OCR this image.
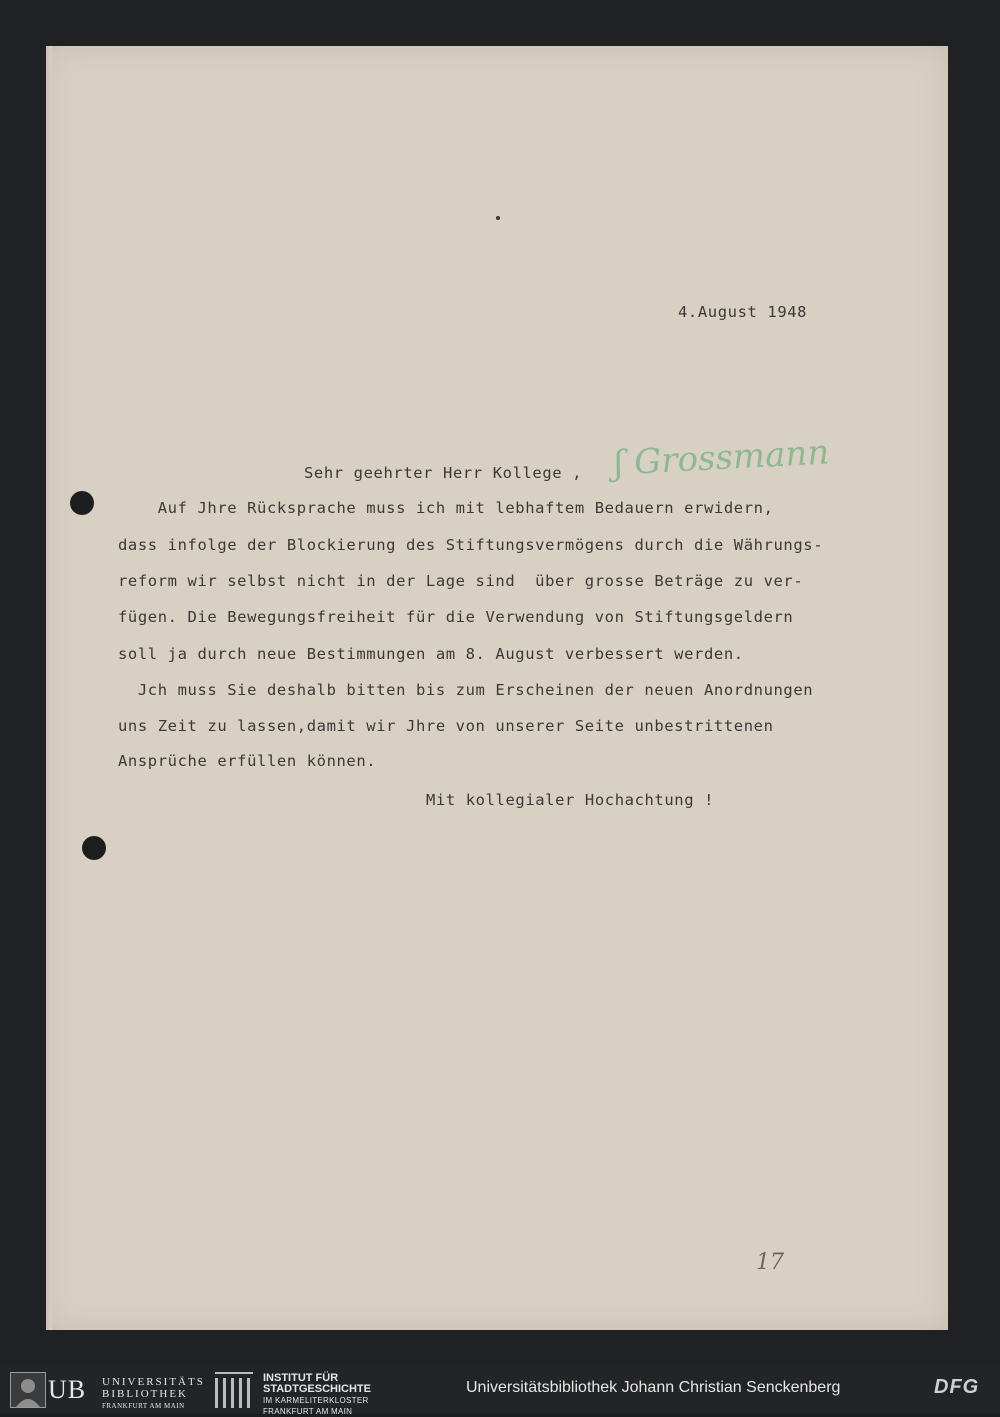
4.August 1948
Sehr geehrter Herr Kollege , ʃ Grossmann
Auf Jhre Rücksprache muss ich mit lebhaftem Bedauern erwidern,
dass infolge der Blockierung des Stiftungsvermögens durch die Währungs-
reform wir selbst nicht in der Lage sind  über grosse Beträge zu ver-
fügen. Die Bewegungsfreiheit für die Verwendung von Stiftungsgeldern
soll ja durch neue Bestimmungen am 8. August verbessert werden.
Jch muss Sie deshalb bitten bis zum Erscheinen der neuen Anordnungen
uns Zeit zu lassen,damit wir Jhre von unserer Seite unbestrittenen
Ansprüche erfüllen können.
Mit kollegialer Hochachtung !
17
UB UNIVERSITÄTS
BIBLIOTHEK
FRANKFURT AM MAIN
INSTITUT FÜR
STADTGESCHICHTE
IM KARMELITERKLOSTER
FRANKFURT AM MAIN
Universitätsbibliothek Johann Christian Senckenberg	DFG
